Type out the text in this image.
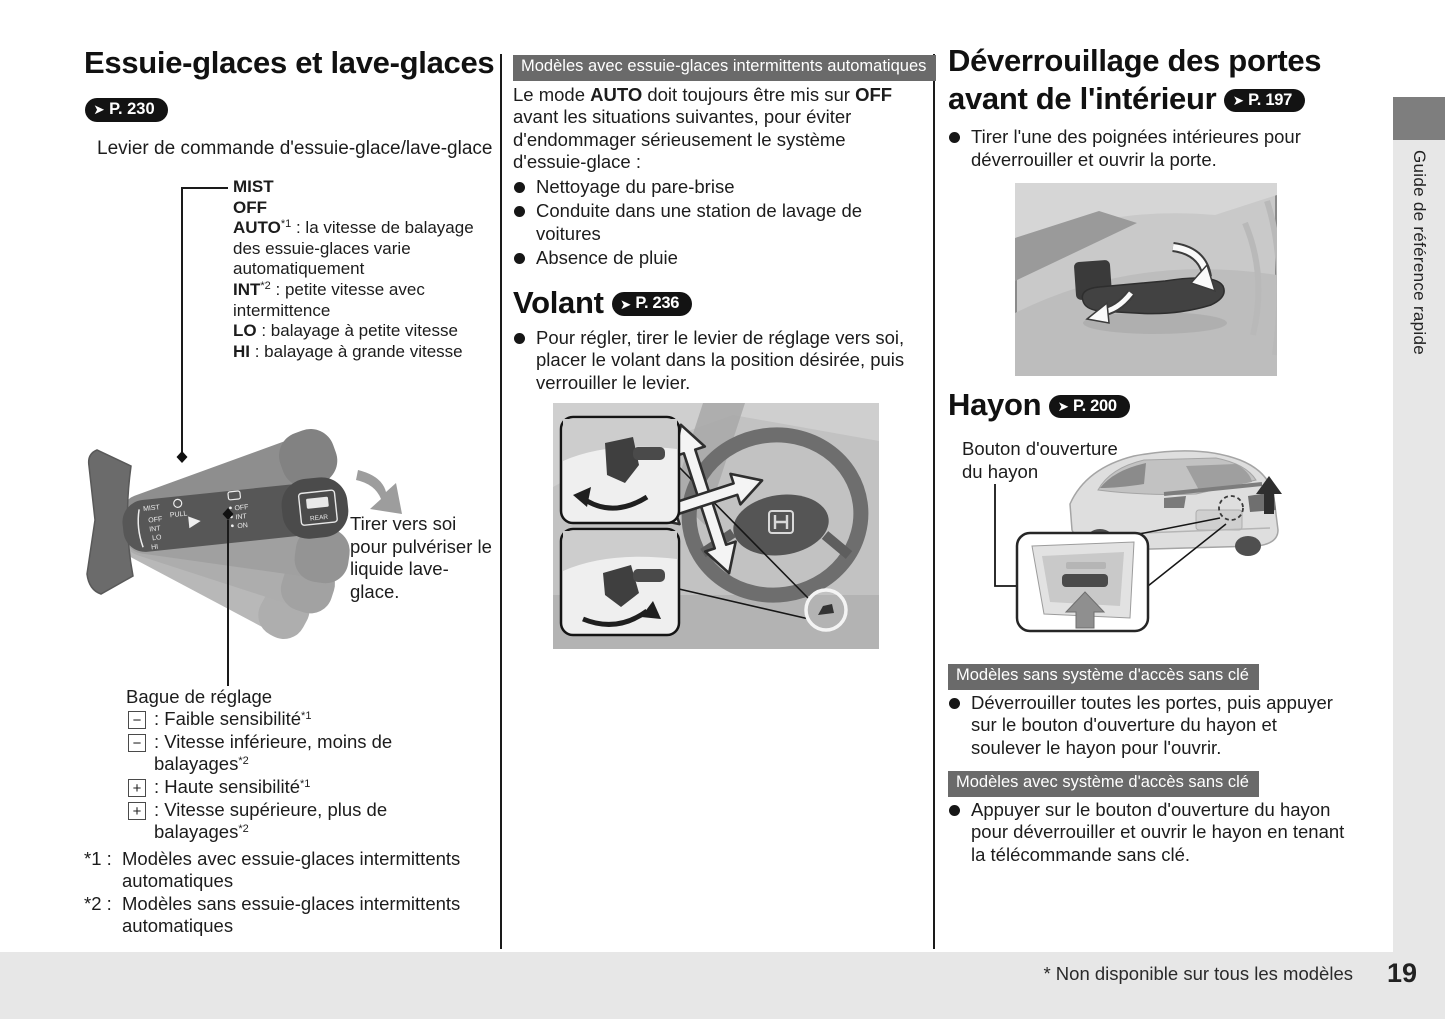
Essuie-glaces et lave-glaces
➤ P. 230
Levier de commande d'essuie-glace/lave-glace
MIST
OFF
AUTO$^{*1}$ : la vitesse de balayage des essuie-glaces varie automatiquement
INT$^{*2}$ : petite vitesse avec intermittence
LO : balayage à petite vitesse
HI : balayage à grande vitesse
MIST
OFF
INT
LO
HI
PULL
OFF
INT
ON
REAR Tirer vers soi pour pulvériser le liquide lave-glace.
Bague de réglage
− : Faible sensibilité$^{*1}$
− : Vitesse inférieure, moins de balayages$^{*2}$
+ : Haute sensibilité$^{*1}$
+ : Vitesse supérieure, plus de balayages$^{*2}$
*1 : Modèles avec essuie-glaces intermittents automatiques
*2 : Modèles sans essuie-glaces intermittents automatiques
Modèles avec essuie-glaces intermittents automatiques
Le mode AUTO doit toujours être mis sur OFF avant les situations suivantes, pour éviter d'endommager sérieusement le système d'essuie-glace :
Nettoyage du pare-brise
Conduite dans une station de lavage de voitures
Absence de pluie
Volant ➤ P. 236
Pour régler, tirer le levier de réglage vers soi, placer le volant dans la position désirée, puis verrouiller le levier.
Déverrouillage des portes avant de l'intérieur ➤ P. 197
Tirer l'une des poignées intérieures pour déverrouiller et ouvrir la porte.
Hayon ➤ P. 200
Bouton d'ouverture du hayon
Modèles sans système d'accès sans clé
Déverrouiller toutes les portes, puis appuyer sur le bouton d'ouverture du hayon et soulever le hayon pour l'ouvrir.
Modèles avec système d'accès sans clé
Appuyer sur le bouton d'ouverture du hayon pour déverrouiller et ouvrir le hayon en tenant la télécommande sans clé.
Guide de référence rapide
* Non disponible sur tous les modèles 19
